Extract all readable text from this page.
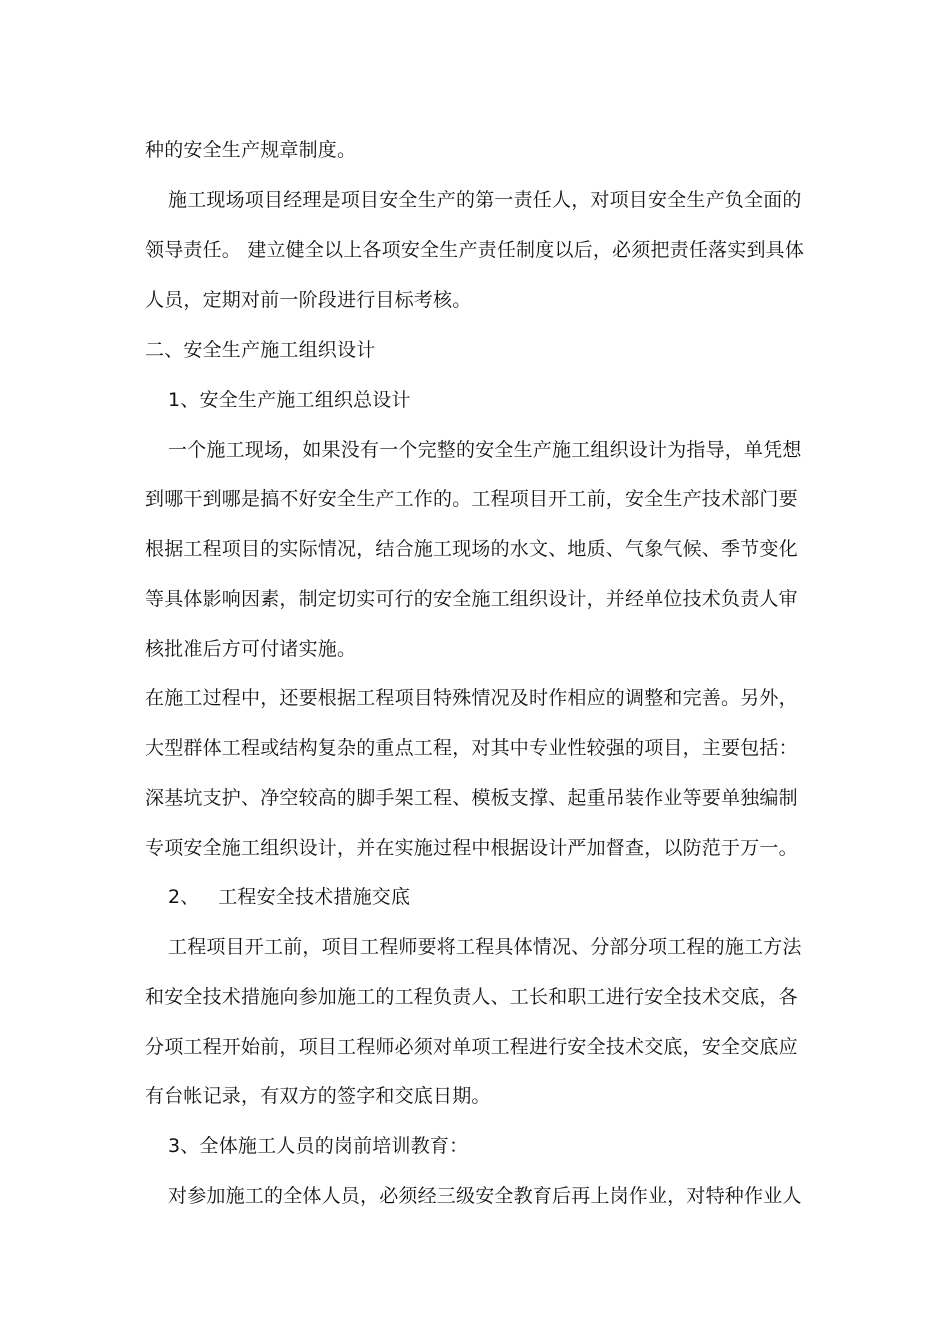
种的安全生产规章制度。
施工现场项目经理是项目安全生产的第一责任人，对项目安全生产负全面的
领导责任。 建立健全以上各项安全生产责任制度以后，必须把责任落实到具体
人员，定期对前一阶段进行目标考核。
二、安全生产施工组织设计
1、安全生产施工组织总设计
一个施工现场，如果没有一个完整的安全生产施工组织设计为指导，单凭想
到哪干到哪是搞不好安全生产工作的。工程项目开工前，安全生产技术部门要
根据工程项目的实际情况，结合施工现场的水文、地质、气象气候、季节变化
等具体影响因素，制定切实可行的安全施工组织设计，并经单位技术负责人审
核批准后方可付诸实施。
在施工过程中，还要根据工程项目特殊情况及时作相应的调整和完善。另外，
大型群体工程或结构复杂的重点工程，对其中专业性较强的项目，主要包括：
深基坑支护、净空较高的脚手架工程、模板支撑、起重吊装作业等要单独编制
专项安全施工组织设计，并在实施过程中根据设计严加督查，以防范于万一。
2、   工程安全技术措施交底
工程项目开工前，项目工程师要将工程具体情况、分部分项工程的施工方法
和安全技术措施向参加施工的工程负责人、工长和职工进行安全技术交底，各
分项工程开始前，项目工程师必须对单项工程进行安全技术交底，安全交底应
有台帐记录，有双方的签字和交底日期。
3、全体施工人员的岗前培训教育：
对参加施工的全体人员，必须经三级安全教育后再上岗作业，对特种作业人
